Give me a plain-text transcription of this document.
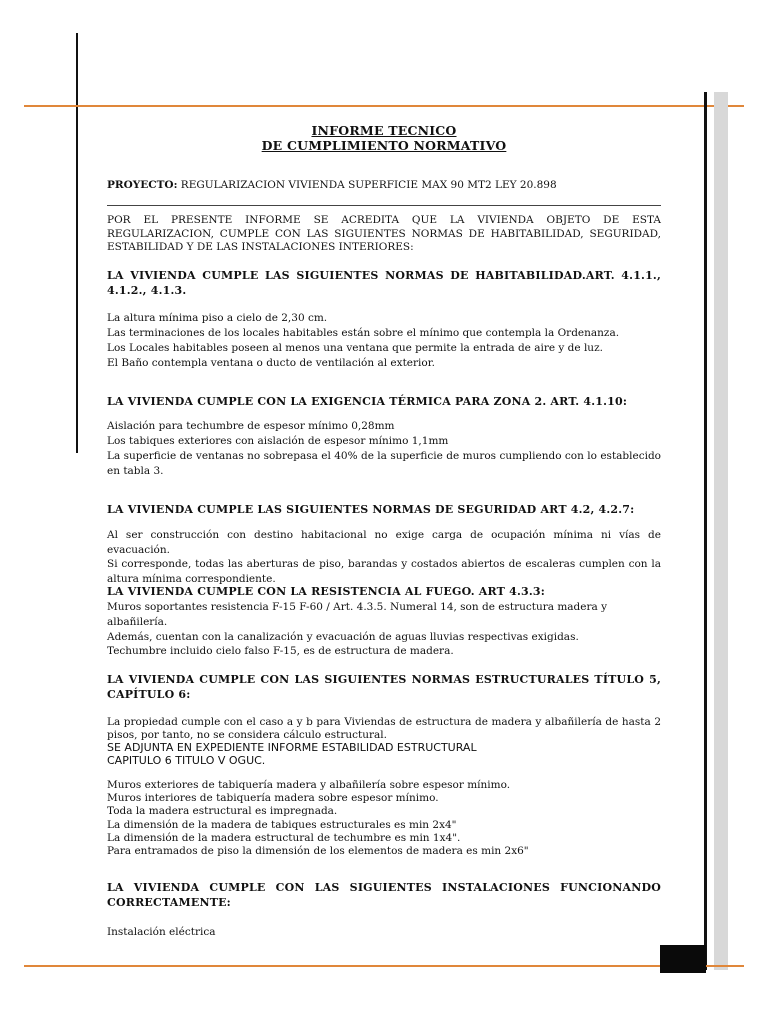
INFORME TECNICO
DE CUMPLIMIENTO NORMATIVO
PROYECTO: REGULARIZACION VIVIENDA SUPERFICIE MAX 90 MT2 LEY 20.898
POR EL PRESENTE INFORME SE ACREDITA QUE LA VIVIENDA OBJETO DE ESTA REGULARIZACION, CUMPLE CON LAS SIGUIENTES NORMAS DE HABITABILIDAD, SEGURIDAD, ESTABILIDAD Y DE LAS INSTALACIONES INTERIORES:
LA VIVIENDA CUMPLE LAS SIGUIENTES NORMAS DE HABITABILIDAD.ART. 4.1.1., 4.1.2., 4.1.3.
La altura mínima piso a cielo de 2,30 cm.
Las terminaciones de los locales habitables están sobre el mínimo que contempla la Ordenanza.
Los Locales habitables poseen al menos una ventana que permite la entrada de aire y de luz.
El Baño contempla ventana o ducto de ventilación al exterior.
LA VIVIENDA CUMPLE CON LA EXIGENCIA TÉRMICA PARA ZONA 2. ART. 4.1.10:
Aislación para techumbre de espesor mínimo 0,28mm
Los tabiques exteriores con aislación de espesor mínimo 1,1mm
La superficie de ventanas no sobrepasa el 40% de la superficie de muros cumpliendo con lo establecido en tabla 3.
LA VIVIENDA CUMPLE LAS SIGUIENTES NORMAS DE SEGURIDAD ART 4.2, 4.2.7:
Al ser construcción con destino habitacional no exige carga de ocupación mínima ni vías de evacuación.
Si corresponde, todas las aberturas de piso, barandas y costados abiertos de escaleras cumplen con la altura mínima correspondiente.
LA VIVIENDA CUMPLE CON LA RESISTENCIA AL FUEGO. ART 4.3.3:
Muros soportantes resistencia F-15 F-60 / Art. 4.3.5. Numeral 14, son de estructura madera y albañilería.
Además, cuentan con la canalización y evacuación de aguas lluvias respectivas exigidas.
Techumbre incluido cielo falso F-15, es de estructura de madera.
LA VIVIENDA CUMPLE CON LAS SIGUIENTES NORMAS ESTRUCTURALES TÍTULO 5, CAPÍTULO 6:
La propiedad cumple con el caso a y b para Viviendas de estructura de madera y albañilería de hasta 2 pisos, por tanto, no se considera cálculo estructural.
SE ADJUNTA EN EXPEDIENTE INFORME ESTABILIDAD ESTRUCTURAL
CAPITULO 6 TITULO V OGUC.
Muros exteriores de tabiquería madera y albañilería sobre espesor mínimo.
Muros interiores de tabiquería madera sobre espesor mínimo.
Toda la madera estructural es impregnada.
La dimensión de la madera de tabiques estructurales es min 2x4"
La dimensión de la madera estructural de techumbre es min 1x4".
Para entramados de piso la dimensión de los elementos de madera es min 2x6"
LA VIVIENDA CUMPLE CON LAS SIGUIENTES INSTALACIONES FUNCIONANDO CORRECTAMENTE:
Instalación eléctrica
